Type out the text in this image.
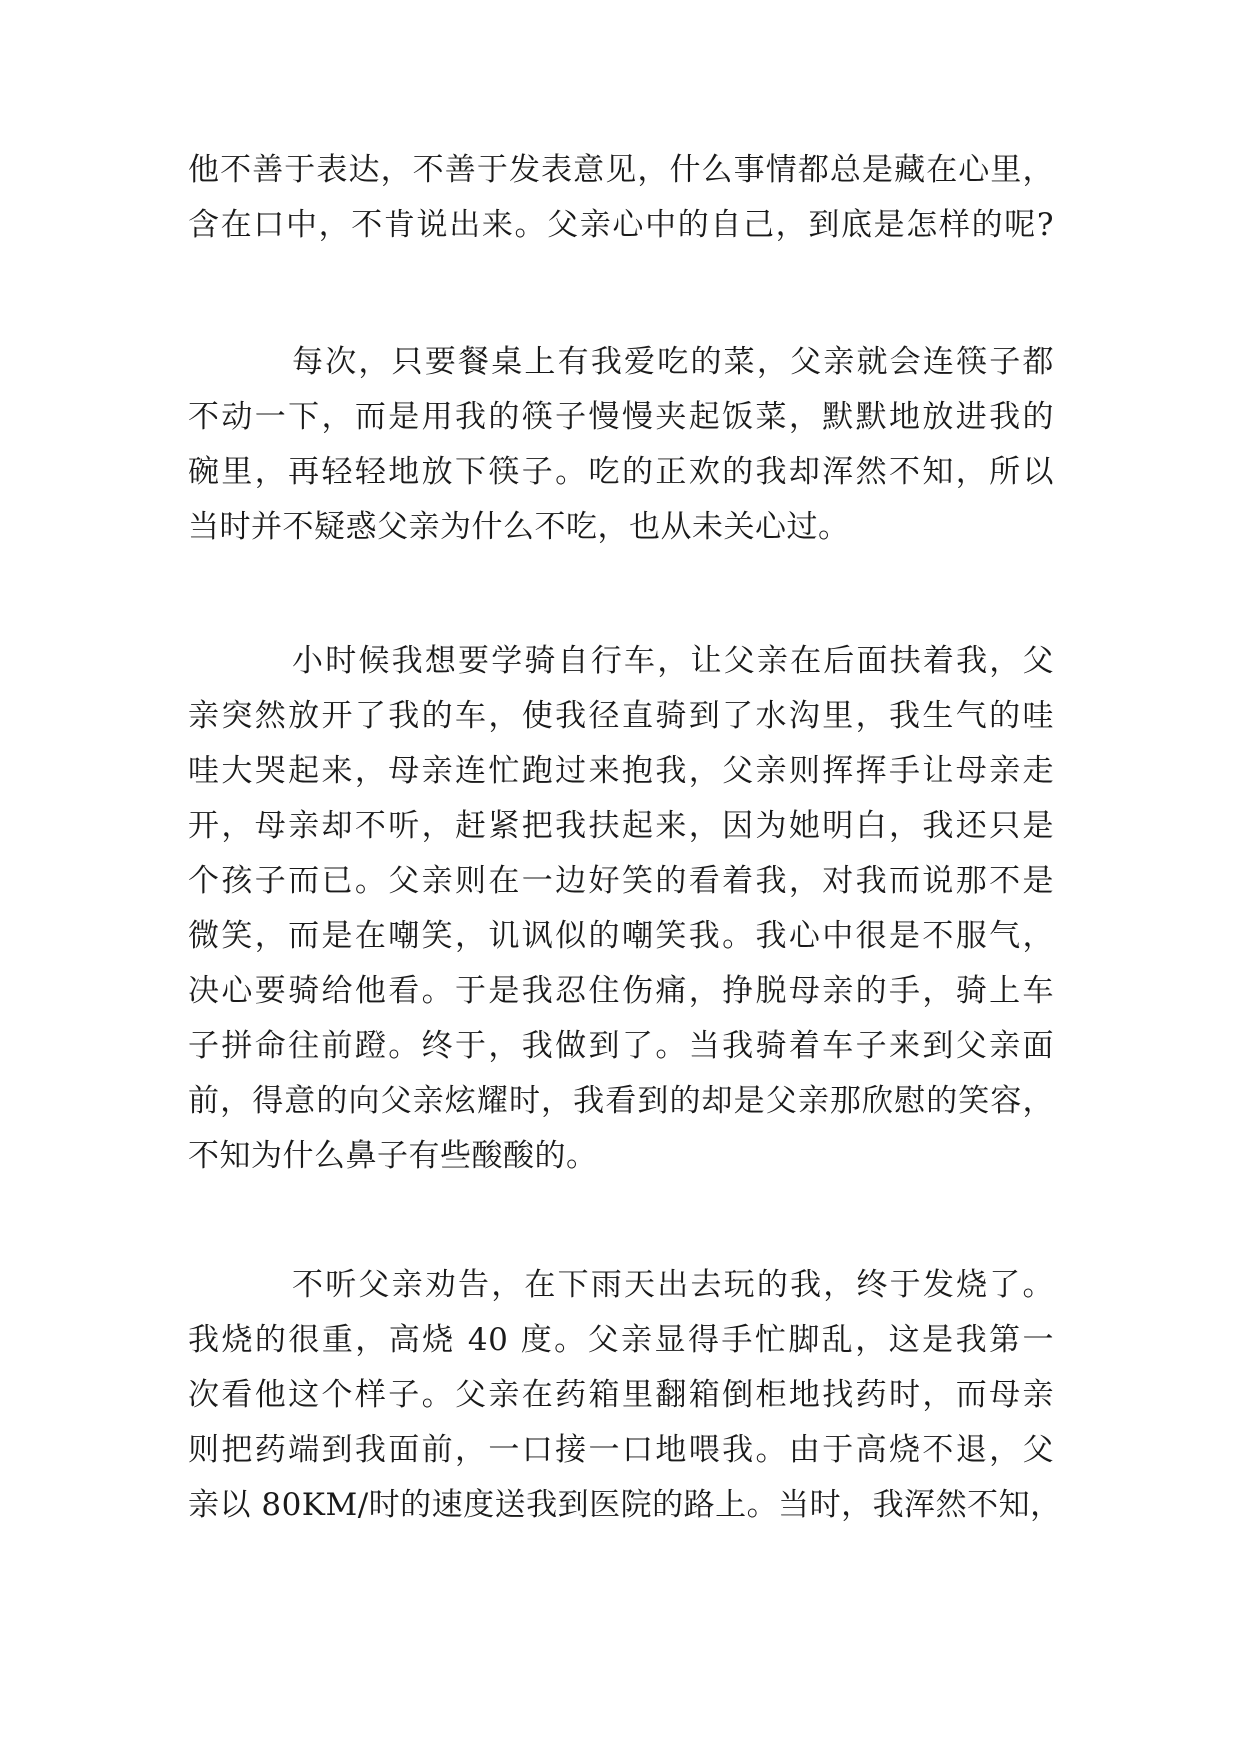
他不善于表达，不善于发表意见，什么事情都总是藏在心里，
含在口中，不肯说出来。父亲心中的自己，到底是怎样的呢?
每次，只要餐桌上有我爱吃的菜，父亲就会连筷子都
不动一下，而是用我的筷子慢慢夹起饭菜，默默地放进我的
碗里，再轻轻地放下筷子。吃的正欢的我却浑然不知，所以
当时并不疑惑父亲为什么不吃，也从未关心过。
小时候我想要学骑自行车，让父亲在后面扶着我，父
亲突然放开了我的车，使我径直骑到了水沟里，我生气的哇
哇大哭起来，母亲连忙跑过来抱我，父亲则挥挥手让母亲走
开，母亲却不听，赶紧把我扶起来，因为她明白，我还只是
个孩子而已。父亲则在一边好笑的看着我，对我而说那不是
微笑，而是在嘲笑，讥讽似的嘲笑我。我心中很是不服气，
决心要骑给他看。于是我忍住伤痛，挣脱母亲的手，骑上车
子拼命往前蹬。终于，我做到了。当我骑着车子来到父亲面
前，得意的向父亲炫耀时，我看到的却是父亲那欣慰的笑容，
不知为什么鼻子有些酸酸的。
不听父亲劝告，在下雨天出去玩的我，终于发烧了。
我烧的很重，高烧 40 度。父亲显得手忙脚乱，这是我第一
次看他这个样子。父亲在药箱里翻箱倒柜地找药时，而母亲
则把药端到我面前，一口接一口地喂我。由于高烧不退，父
亲以 80KM/时的速度送我到医院的路上。当时，我浑然不知，
